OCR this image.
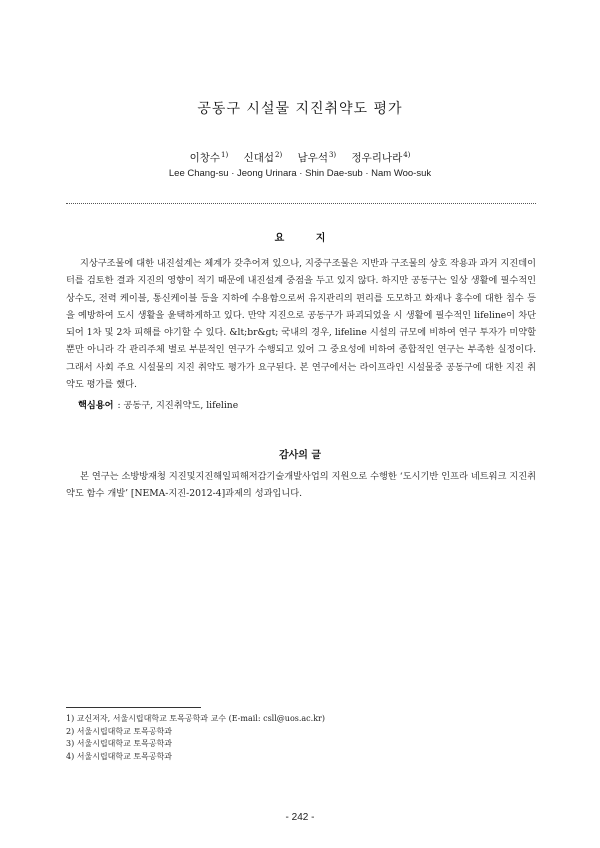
공동구 시설물 지진취약도 평가
이창수$^{1)}$ 신대섭$^{2)}$ 남우석$^{3)}$ 정우리나라$^{4)}$
Lee Chang-su · Jeong Urinara · Shin Dae-sub · Nam Woo-suk
요 지
지상구조물에 대한 내진설계는 체계가 갖추어져 있으나, 지중구조물은 지반과 구조물의 상호 작용과 과거 지진데이터를 검토한 결과 지진의 영향이 적기 때문에 내진설계 중점을 두고 있지 않다. 하지만 공동구는 일상 생활에 필수적인 상수도, 전력 케이블, 통신케이블 등을 지하에 수용함으로써 유지관리의 편리를 도모하고 화재나 홍수에 대한 침수 등을 예방하여 도시 생활을 윤택하게하고 있다. 만약 지진으로 공동구가 파괴되었을 시 생활에 필수적인 lifeline이 차단되어 1차 및 2차 피해를 야기할 수 있다. &lt;br&gt; 국내의 경우, lifeline 시설의 규모에 비하여 연구 투자가 미약할 뿐만 아니라 각 관리주체 별로 부분적인 연구가 수행되고 있어 그 중요성에 비하여 종합적인 연구는 부족한 실정이다. 그래서 사회 주요 시설물의 지진 취약도 평가가 요구된다. 본 연구에서는 라이프라인 시설물중 공동구에 대한 지진 취약도 평가를 했다.
핵심용어 : 공동구, 지진취약도, lifeline
감사의 글
본 연구는 소방방재청 지진및지진해일피해저감기술개발사업의 지원으로 수행한 ‘도시기반 인프라 네트워크 지진취약도 함수 개발’ [NEMA-지진-2012-4]과제의 성과입니다.
1) 교신저자, 서울시립대학교 토목공학과 교수 (E-mail: csll@uos.ac.kr)
2) 서울시립대학교 토목공학과
3) 서울시립대학교 토목공학과
4) 서울시립대학교 토목공학과
- 242 -
